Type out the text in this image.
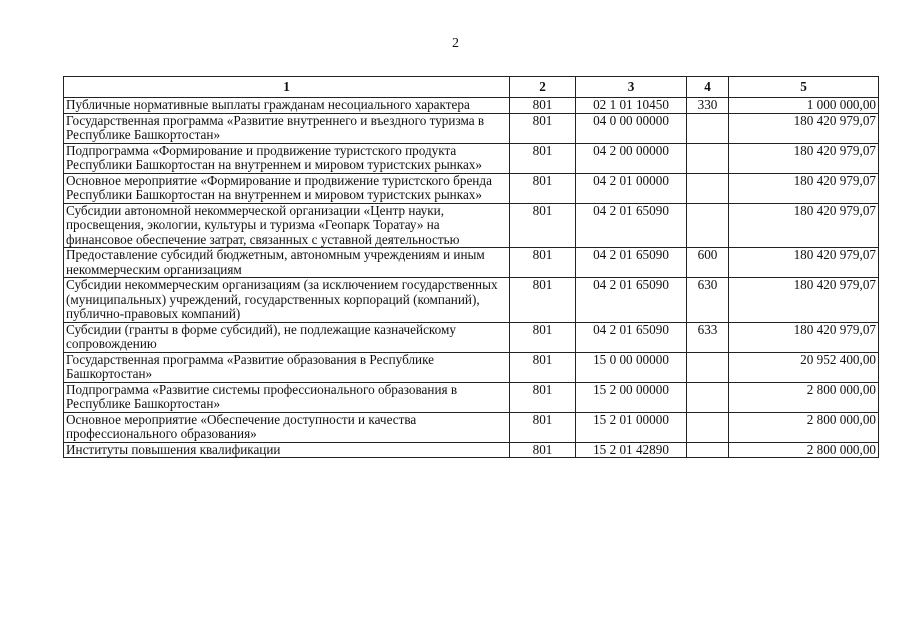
2
1	2	3	4	5
Публичные нормативные выплаты гражданам несоциального характера	801	02 1 01 10450	330	1 000 000,00
Государственная программа «Развитие внутреннего и въездного туризма в Республике Башкортостан»	801	04 0 00 00000		180 420 979,07
Подпрограмма «Формирование и продвижение туристского продукта Республики Башкортостан на внутреннем и мировом туристских рынках»	801	04 2 00 00000		180 420 979,07
Основное мероприятие «Формирование и продвижение туристского бренда Республики Башкортостан на внутреннем и мировом туристских рынках»	801	04 2 01 00000		180 420 979,07
Субсидии автономной некоммерческой организации «Центр науки, просвещения, экологии, культуры и туризма «Геопарк Торатау» на финансовое обеспечение затрат, связанных с уставной деятельностью	801	04 2 01 65090		180 420 979,07
Предоставление субсидий бюджетным, автономным учреждениям и иным некоммерческим организациям	801	04 2 01 65090	600	180 420 979,07
Субсидии некоммерческим организациям (за исключением государственных (муниципальных) учреждений, государственных корпораций (компаний), публично-правовых компаний)	801	04 2 01 65090	630	180 420 979,07
Субсидии (гранты в форме субсидий), не подлежащие казначейскому сопровождению	801	04 2 01 65090	633	180 420 979,07
Государственная программа «Развитие образования в Республике Башкортостан»	801	15 0 00 00000		20 952 400,00
Подпрограмма «Развитие системы профессионального образования в Республике Башкортостан»	801	15 2 00 00000		2 800 000,00
Основное мероприятие «Обеспечение доступности и качества профессионального образования»	801	15 2 01 00000		2 800 000,00
Институты повышения квалификации	801	15 2 01 42890		2 800 000,00
